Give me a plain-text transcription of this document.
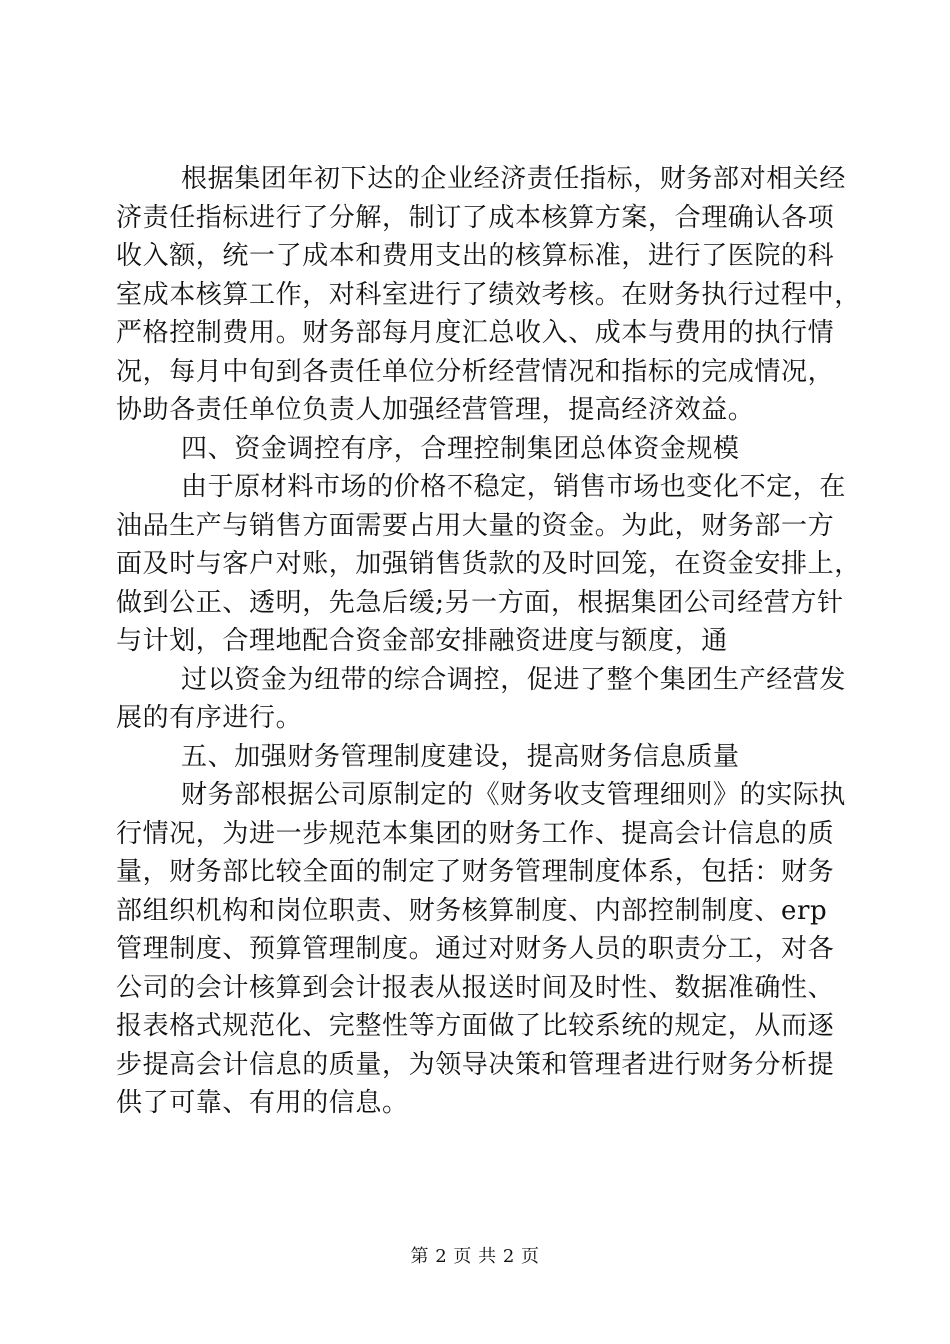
根据集团年初下达的企业经济责任指标，财务部对相关经
济责任指标进行了分解，制订了成本核算方案，合理确认各项
收入额，统一了成本和费用支出的核算标准，进行了医院的科
室成本核算工作，对科室进行了绩效考核。在财务执行过程中，
严格控制费用。财务部每月度汇总收入、成本与费用的执行情
况，每月中旬到各责任单位分析经营情况和指标的完成情况，
协助各责任单位负责人加强经营管理，提高经济效益。
四、资金调控有序，合理控制集团总体资金规模
由于原材料市场的价格不稳定，销售市场也变化不定，在
油品生产与销售方面需要占用大量的资金。为此，财务部一方
面及时与客户对账，加强销售货款的及时回笼，在资金安排上，
做到公正、透明，先急后缓;另一方面，根据集团公司经营方针
与计划，合理地配合资金部安排融资进度与额度，通
过以资金为纽带的综合调控，促进了整个集团生产经营发
展的有序进行。
五、加强财务管理制度建设，提高财务信息质量
财务部根据公司原制定的《财务收支管理细则》的实际执
行情况，为进一步规范本集团的财务工作、提高会计信息的质
量，财务部比较全面的制定了财务管理制度体系，包括：财务
部组织机构和岗位职责、财务核算制度、内部控制制度、erp
管理制度、预算管理制度。通过对财务人员的职责分工，对各
公司的会计核算到会计报表从报送时间及时性、数据准确性、
报表格式规范化、完整性等方面做了比较系统的规定，从而逐
步提高会计信息的质量，为领导决策和管理者进行财务分析提
供了可靠、有用的信息。
第 2 页 共 2 页
